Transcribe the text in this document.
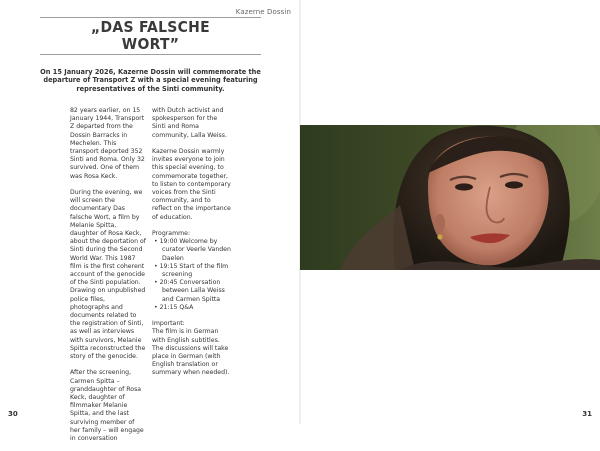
Kazerne Dossin
„DAS FALSCHE
WORT”

On 15 January 2026, Kazerne Dossin will commemorate the departure of Transport Z with a special evening featuring representatives of the Sinti community.

82 years earlier, on 15 January 1944, Transport Z departed from the Dossin Barracks in Mechelen. This transport deported 352 Sinti and Roma. Only 32 survived. One of them was Rosa Keck.

During the evening, we will screen the documentary Das falsche Wort, a film by Melanie Spitta, daughter of Rosa Keck, about the deportation of Sinti during the Second World War. This 1987 film is the first coherent account of the genocide of the Sinti population. Drawing on unpublished police files, photographs and documents related to the registration of Sinti, as well as interviews with survivors, Melanie Spitta reconstructed the story of the genocide.

After the screening, Carmen Spitta – granddaughter of Rosa Keck, daughter of filmmaker Melanie Spitta, and the last surviving member of her family – will engage in conversation

with Dutch activist and spokesperson for the Sinti and Roma community, Lalla Weiss.

Kazerne Dossin warmly invites everyone to join this special evening, to commemorate together, to listen to contemporary voices from the Sinti community, and to reflect on the importance of education.

Programme:
• 19:00 Welcome by curator Veerle Vanden Daelen
• 19:15 Start of the film screening
• 20:45 Conversation between Lalla Weiss and Carmen Spitta
• 21:15 Q&A
Important:
The film is in German with English subtitles. The discussions will take place in German (with English translation or summary when needed).
30	31
